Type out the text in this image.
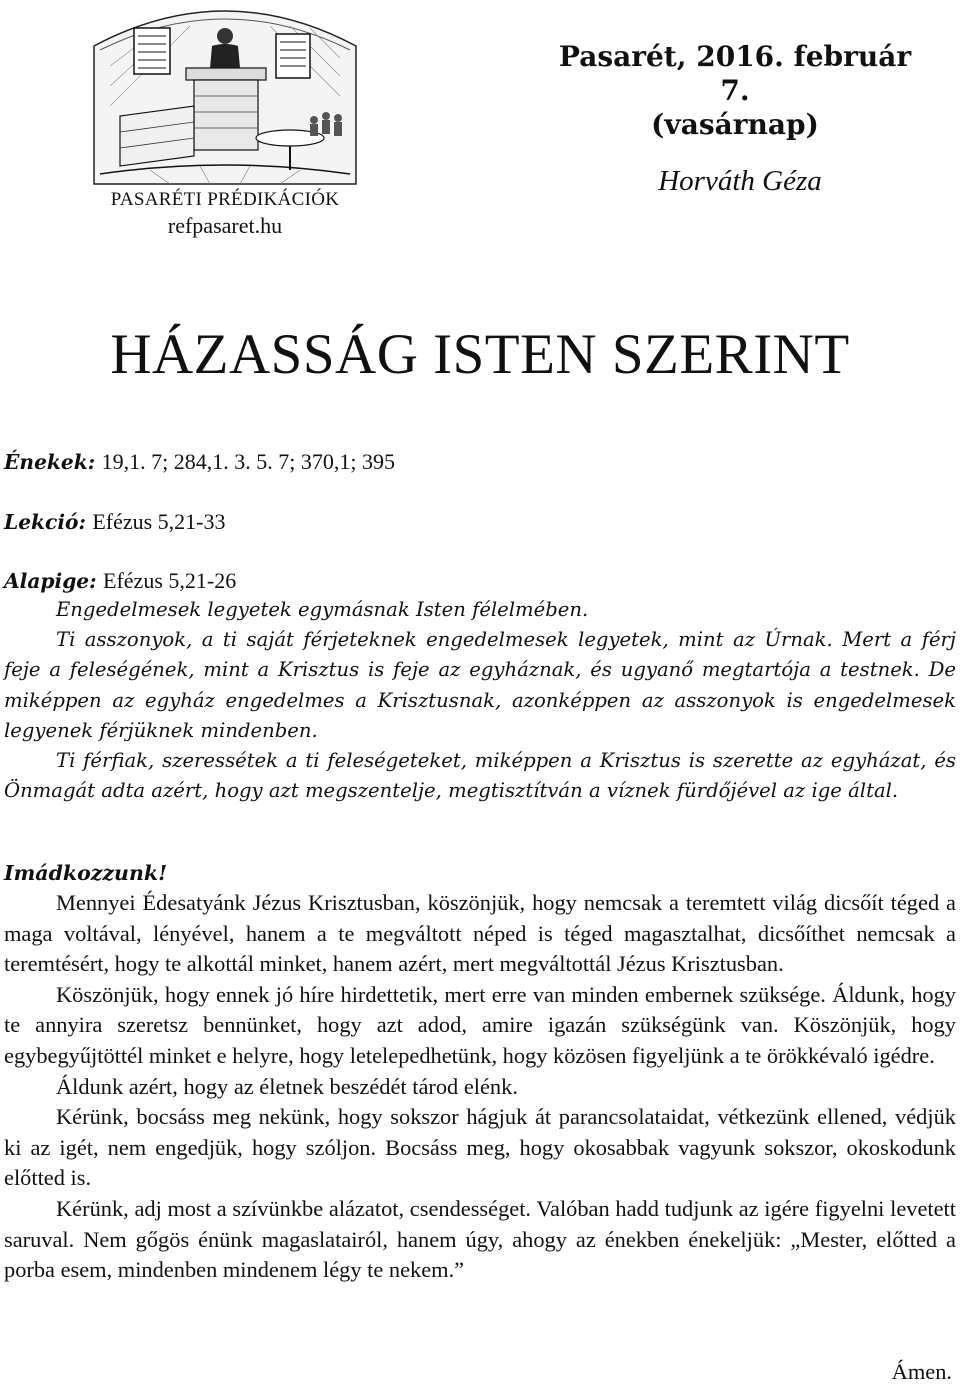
PASARÉTI PRÉDIKÁCIÓK
refpasaret.hu
Pasarét, 2016. február 7.
(vasárnap)
Horváth Géza
HÁZASSÁG ISTEN SZERINT
Énekek: 19,1. 7; 284,1. 3. 5. 7; 370,1; 395
Lekció: Efézus 5,21-33
Alapige: Efézus 5,21-26

Engedelmesek legyetek egymásnak Isten félelmében.

Ti asszonyok, a ti saját férjeteknek engedelmesek legyetek, mint az Úrnak. Mert a férj feje a feleségének, mint a Krisztus is feje az egyháznak, és ugyanő megtartója a testnek. De miképpen az egyház engedelmes a Krisztusnak, azonképpen az asszonyok is engedelmesek legyenek férjüknek mindenben.

Ti férfiak, szeressétek a ti feleségeteket, miképpen a Krisztus is szerette az egyházat, és Önmagát adta azért, hogy azt megszentelje, megtisztítván a víznek fürdőjével az ige által.

Imádkozzunk!

Mennyei Édesatyánk Jézus Krisztusban, köszönjük, hogy nemcsak a teremtett világ dicsőít téged a maga voltával, lényével, hanem a te megváltott néped is téged magasztalhat, dicsőíthet nemcsak a teremtésért, hogy te alkottál minket, hanem azért, mert megváltottál Jézus Krisztusban.

Köszönjük, hogy ennek jó híre hirdettetik, mert erre van minden embernek szüksége. Áldunk, hogy te annyira szeretsz bennünket, hogy azt adod, amire igazán szükségünk van. Köszönjük, hogy egybegyűjtöttél minket e helyre, hogy letelepedhetünk, hogy közösen figyeljünk a te örökkévaló igédre.

Áldunk azért, hogy az életnek beszédét tárod elénk.

Kérünk, bocsáss meg nekünk, hogy sokszor hágjuk át parancsolataidat, vétkezünk ellened, védjük ki az igét, nem engedjük, hogy szóljon. Bocsáss meg, hogy okosabbak vagyunk sokszor, okoskodunk előtted is.

Kérünk, adj most a szívünkbe alázatot, csendességet. Valóban hadd tudjunk az igére figyelni levetett saruval. Nem gőgös énünk magaslatairól, hanem úgy, ahogy az énekben énekeljük: „Mester, előtted a porba esem, mindenben mindenem légy te nekem.”

Ámen.
